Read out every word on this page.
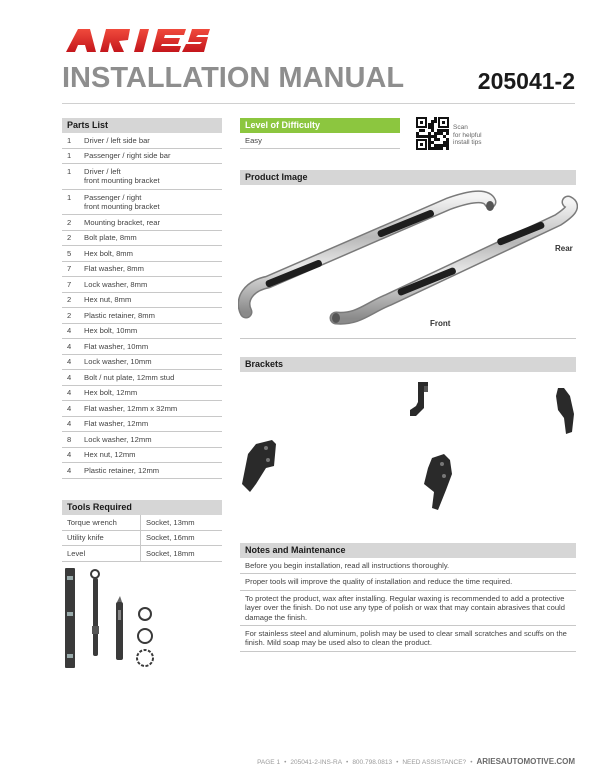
INSTALLATION MANUAL	205041-2
Parts List
1	Driver / left side bar
1	Passenger / right side bar
1	Driver / left
front mounting bracket
1	Passenger / right
front mounting bracket
2	Mounting bracket, rear
2	Bolt plate, 8mm
5	Hex bolt, 8mm
7	Flat washer, 8mm
7	Lock washer, 8mm
2	Hex nut, 8mm
2	Plastic retainer, 8mm
4	Hex bolt, 10mm
4	Flat washer, 10mm
4	Lock washer, 10mm
4	Bolt / nut plate, 12mm stud
4	Hex bolt, 12mm
4	Flat washer, 12mm x 32mm
4	Flat washer, 12mm
8	Lock washer, 12mm
4	Hex nut, 12mm
4	Plastic retainer, 12mm
Tools Required
Torque wrench	Socket, 13mm
Utility knife	Socket, 16mm
Level	Socket, 18mm
Level of Difficulty
Easy
Scan
for helpful
install tips
Product Image
Rear
Front
Brackets
Notes and Maintenance
Before you begin installation, read all instructions thoroughly.
Proper tools will improve the quality of installation and reduce the time required.
To protect the product, wax after installing. Regular waxing is recommended to add a protective layer over the finish. Do not use any type of polish or wax that may contain abrasives that could damage the finish.
For stainless steel and aluminum, polish may be used to clear small scratches and scuffs on the finish. Mild soap may be used also to clean the product.
PAGE 1 • 205041-2-INS-RA • 800.798.0813 • NEED ASSISTANCE? • ARIESAUTOMOTIVE.COM
